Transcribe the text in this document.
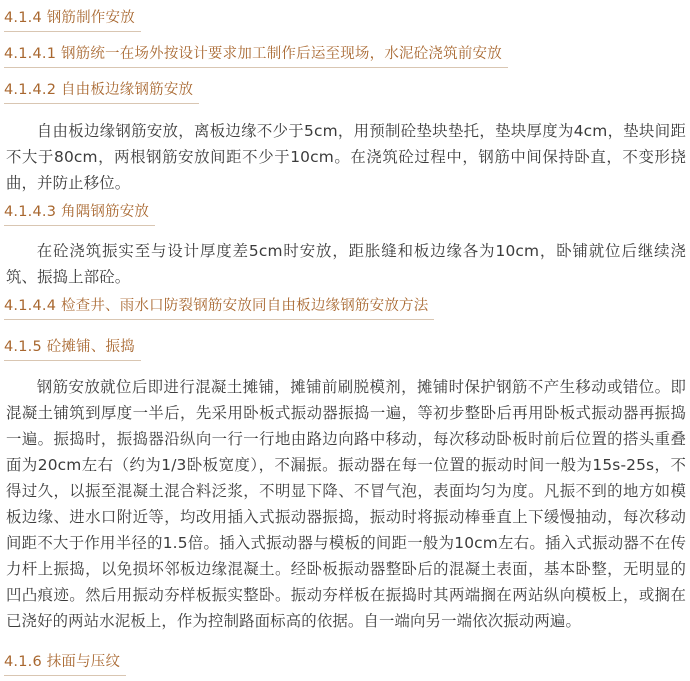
4.1.4 钢筋制作安放
4.1.4.1 钢筋统一在场外按设计要求加工制作后运至现场，水泥砼浇筑前安放
4.1.4.2 自由板边缘钢筋安放
自由板边缘钢筋安放，离板边缘不少于5cm，用预制砼垫块垫托，垫块厚度为4cm，垫块间距不大于80cm，两根钢筋安放间距不少于10cm。在浇筑砼过程中，钢筋中间保持卧直，不变形挠曲，并防止移位。
4.1.4.3 角隅钢筋安放
在砼浇筑振实至与设计厚度差5cm时安放，距胀缝和板边缘各为10cm，卧铺就位后继续浇筑、振捣上部砼。
4.1.4.4 检查井、雨水口防裂钢筋安放同自由板边缘钢筋安放方法
4.1.5 砼摊铺、振捣
钢筋安放就位后即进行混凝土摊铺，摊铺前刷脱模剂，摊铺时保护钢筋不产生移动或错位。即混凝土铺筑到厚度一半后，先采用卧板式振动器振捣一遍，等初步整卧后再用卧板式振动器再振捣一遍。振捣时，振捣器沿纵向一行一行地由路边向路中移动，每次移动卧板时前后位置的搭头重叠面为20cm左右（约为1/3卧板宽度），不漏振。振动器在每一位置的振动时间一般为15s-25s，不得过久，以振至混凝土混合料泛浆，不明显下降、不冒气泡，表面均匀为度。凡振不到的地方如模板边缘、进水口附近等，均改用插入式振动器振捣，振动时将振动棒垂直上下缓慢抽动，每次移动间距不大于作用半径的1.5倍。插入式振动器与模板的间距一般为10cm左右。插入式振动器不在传力杆上振捣，以免损坏邻板边缘混凝土。经卧板振动器整卧后的混凝土表面，基本卧整，无明显的凹凸痕迹。然后用振动夯样板振实整卧。振动夯样板在振捣时其两端搁在两站纵向模板上，或搁在已浇好的两站水泥板上，作为控制路面标高的依据。自一端向另一端依次振动两遍。
4.1.6 抹面与压纹
